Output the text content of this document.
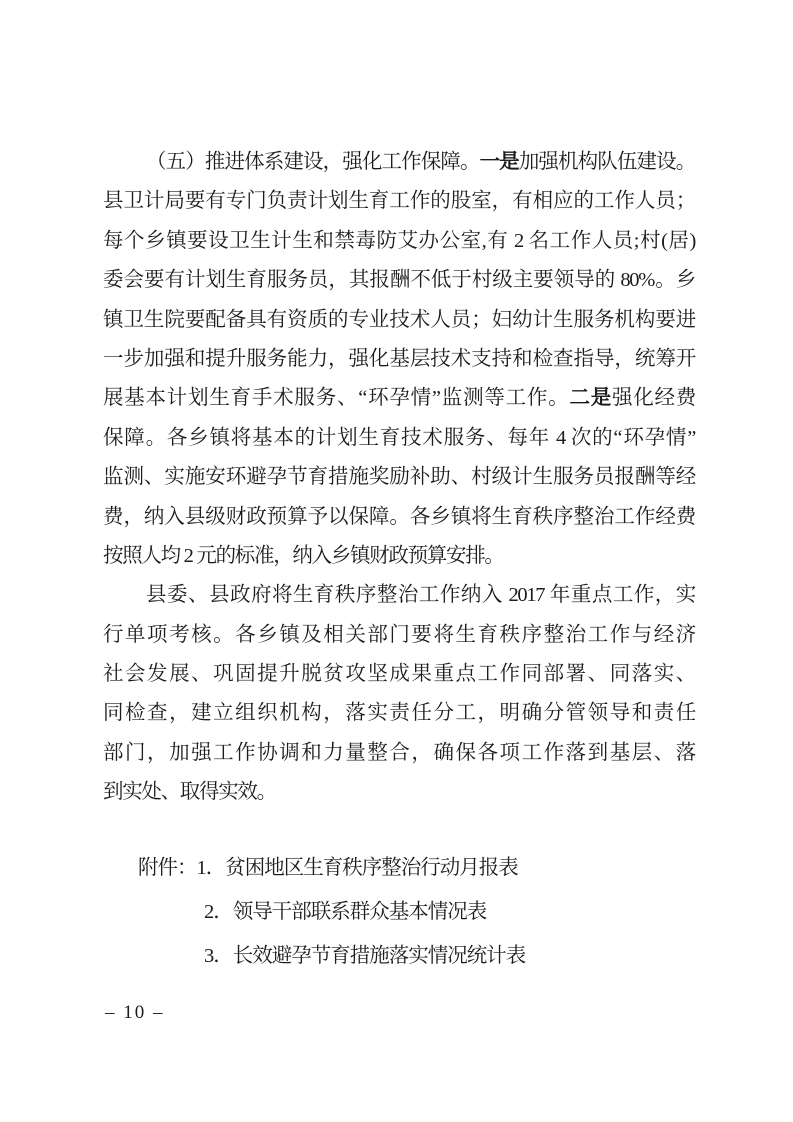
（五）推进体系建设，强化工作保障。一是加强机构队伍建设。
县卫计局要有专门负责计划生育工作的股室，有相应的工作人员；
每个乡镇要设卫生计生和禁毒防艾办公室,有 2 名工作人员;村(居)
委会要有计划生育服务员，其报酬不低于村级主要领导的 80%。乡
镇卫生院要配备具有资质的专业技术人员；妇幼计生服务机构要进
一步加强和提升服务能力，强化基层技术支持和检查指导，统筹开
展基本计划生育手术服务、“环孕情”监测等工作。二是强化经费
保障。各乡镇将基本的计划生育技术服务、每年 4 次的“环孕情”
监测、实施安环避孕节育措施奖励补助、村级计生服务员报酬等经
费，纳入县级财政预算予以保障。各乡镇将生育秩序整治工作经费
按照人均 2 元的标准，纳入乡镇财政预算安排。
县委、县政府将生育秩序整治工作纳入 2017 年重点工作，实
行单项考核。各乡镇及相关部门要将生育秩序整治工作与经济
社会发展、巩固提升脱贫攻坚成果重点工作同部署、同落实、
同检查，建立组织机构，落实责任分工，明确分管领导和责任
部门，加强工作协调和力量整合，确保各项工作落到基层、落
到实处、取得实效。
附件：1．贫困地区生育秩序整治行动月报表
2．领导干部联系群众基本情况表
3．长效避孕节育措施落实情况统计表
– 10 –
